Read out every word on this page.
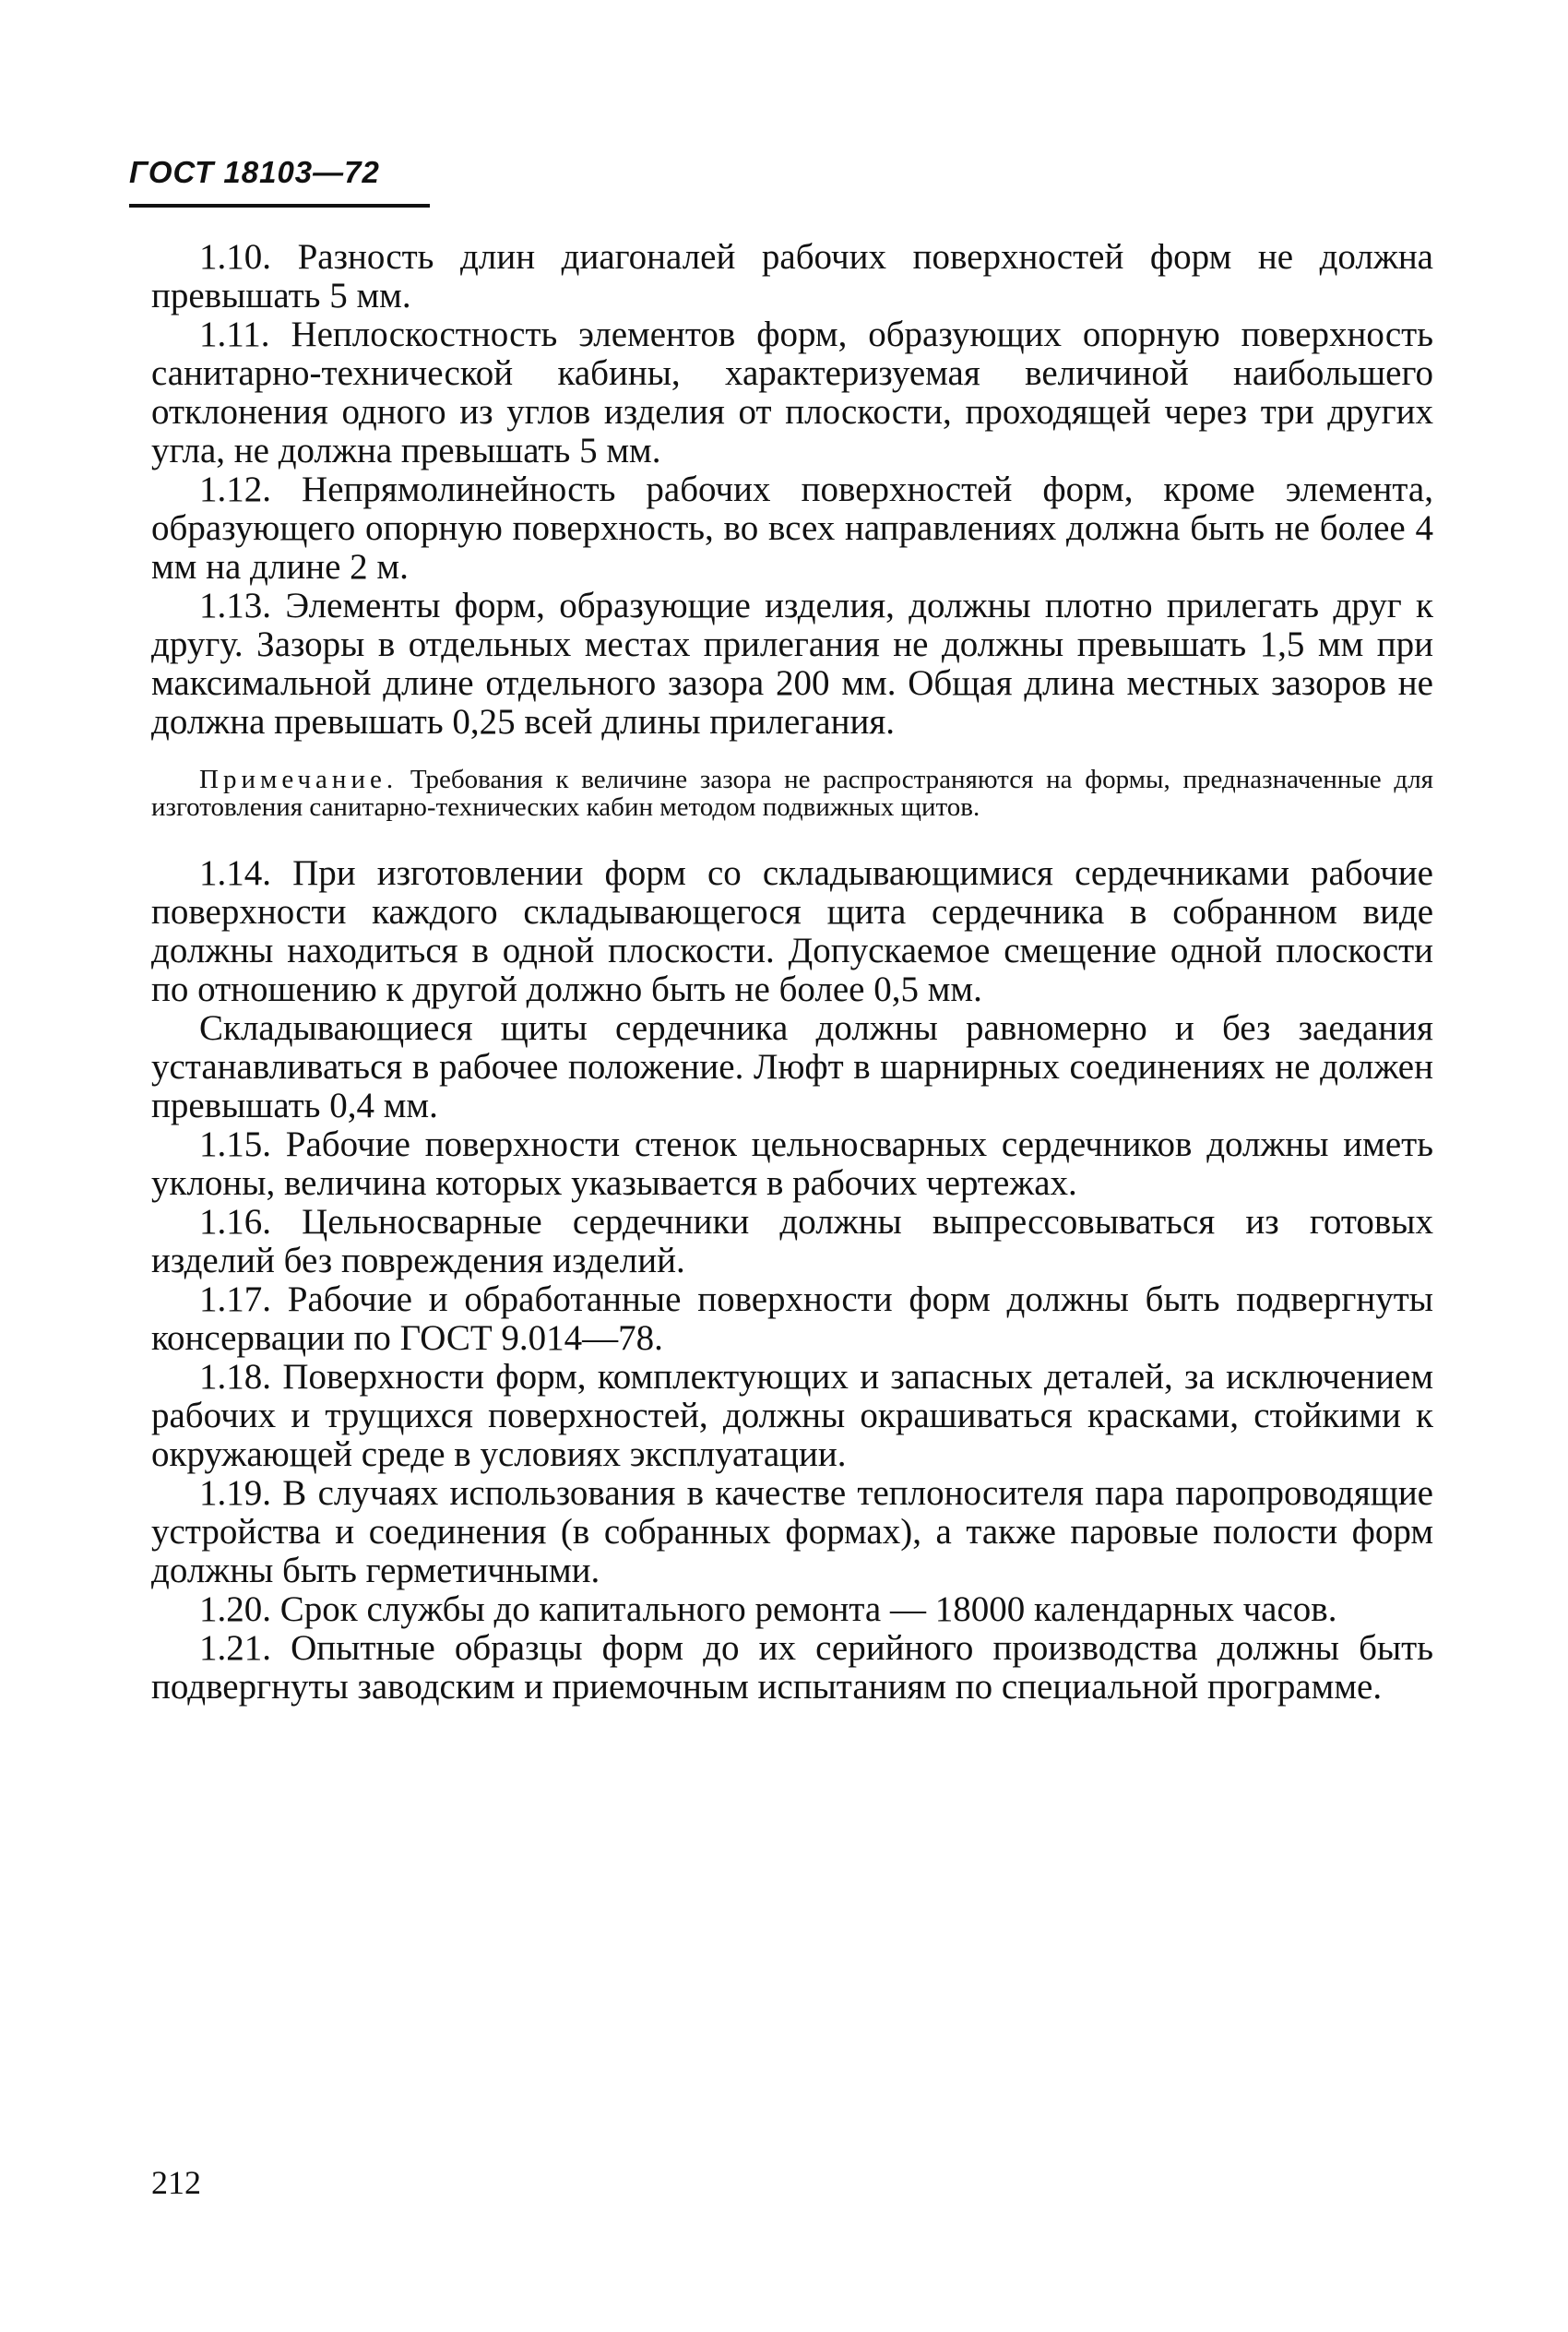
ГОСТ 18103—72

1.10. Разность длин диагоналей рабочих поверхностей форм не должна превышать 5 мм.

1.11. Неплоскостность элементов форм, образующих опорную поверхность санитарно-технической кабины, характеризуемая величиной наибольшего отклонения одного из углов изделия от плоскости, проходящей через три других угла, не должна превышать 5 мм.

1.12. Непрямолинейность рабочих поверхностей форм, кроме элемента, образующего опорную поверхность, во всех направлениях должна быть не более 4 мм на длине 2 м.

1.13. Элементы форм, образующие изделия, должны плотно прилегать друг к другу. Зазоры в отдельных местах прилегания не должны превышать 1,5 мм при максимальной длине отдельного зазора 200 мм. Общая длина местных зазоров не должна превышать 0,25 всей длины прилегания.

Примечание. Требования к величине зазора не распространяются на формы, предназначенные для изготовления санитарно-технических кабин методом подвижных щитов.

1.14. При изготовлении форм со складывающимися сердечниками рабочие поверхности каждого складывающегося щита сердечника в собранном виде должны находиться в одной плоскости. Допускаемое смещение одной плоскости по отношению к другой должно быть не более 0,5 мм.

Складывающиеся щиты сердечника должны равномерно и без заедания устанавливаться в рабочее положение. Люфт в шарнирных соединениях не должен превышать 0,4 мм.

1.15. Рабочие поверхности стенок цельносварных сердечников должны иметь уклоны, величина которых указывается в рабочих чертежах.

1.16. Цельносварные сердечники должны выпрессовываться из готовых изделий без повреждения изделий.

1.17. Рабочие и обработанные поверхности форм должны быть подвергнуты консервации по ГОСТ 9.014—78.

1.18. Поверхности форм, комплектующих и запасных деталей, за исключением рабочих и трущихся поверхностей, должны окрашиваться красками, стойкими к окружающей среде в условиях эксплуатации.

1.19. В случаях использования в качестве теплоносителя пара паропроводящие устройства и соединения (в собранных формах), а также паровые полости форм должны быть герметичными.

1.20. Срок службы до капитального ремонта — 18000 календарных часов.

1.21. Опытные образцы форм до их серийного производства должны быть подвергнуты заводским и приемочным испытаниям по специальной программе.

212
